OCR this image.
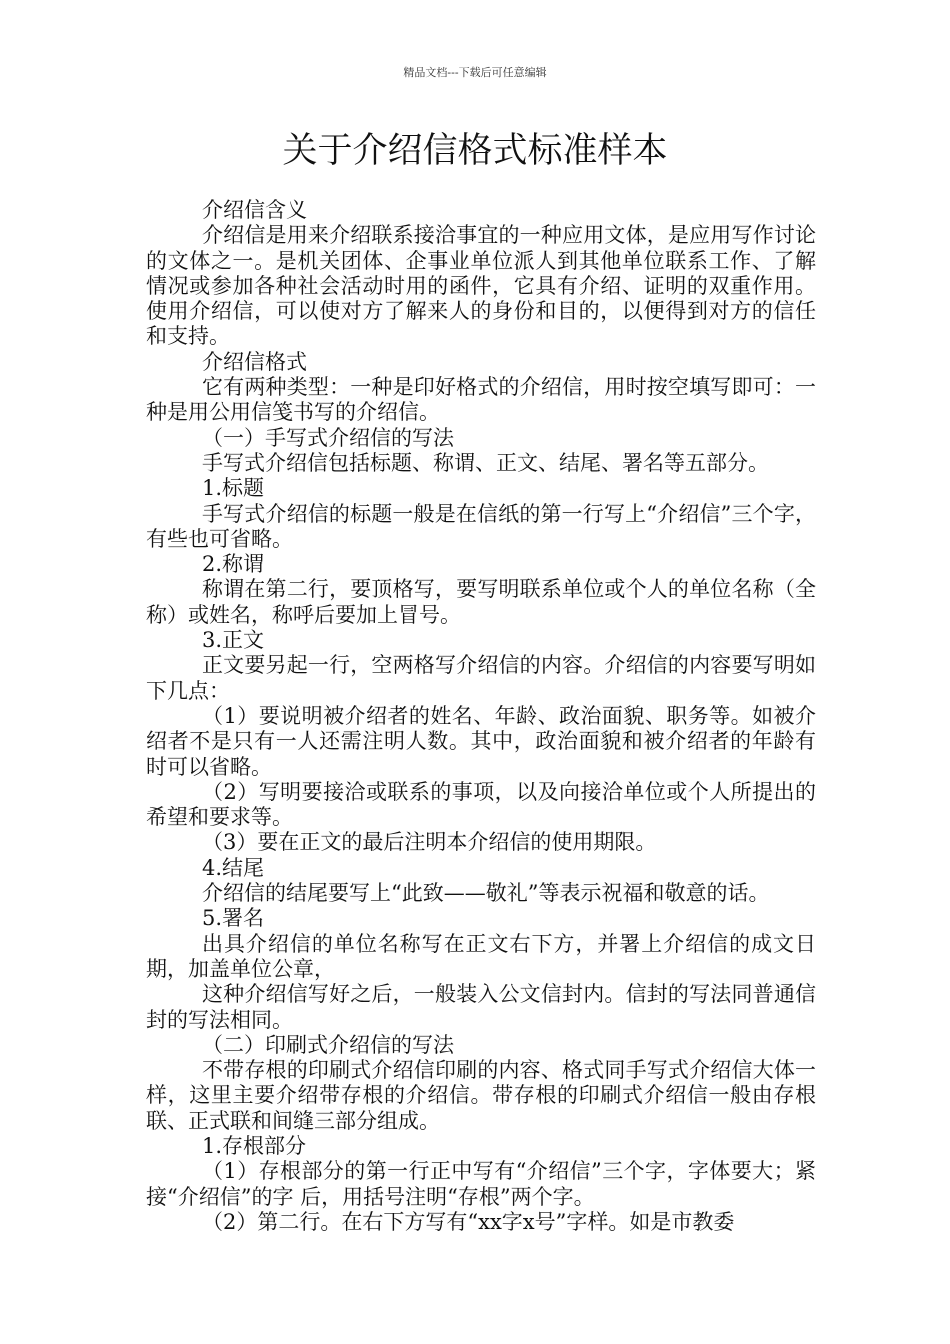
精品文档---下载后可任意编辑
关于介绍信格式标准样本

介绍信含义

介绍信是用来介绍联系接洽事宜的一种应用文体，是应用写作讨论的文体之一。是机关团体、企事业单位派人到其他单位联系工作、了解情况或参加各种社会活动时用的函件，它具有介绍、证明的双重作用。使用介绍信，可以使对方了解来人的身份和目的，以便得到对方的信任和支持。

介绍信格式

它有两种类型：一种是印好格式的介绍信，用时按空填写即可：一种是用公用信笺书写的介绍信。

（一）手写式介绍信的写法

手写式介绍信包括标题、称谓、正文、结尾、署名等五部分。

1.标题

手写式介绍信的标题一般是在信纸的第一行写上“介绍信”三个字，有些也可省略。

2.称谓

称谓在第二行，要顶格写，要写明联系单位或个人的单位名称（全称）或姓名，称呼后要加上冒号。

3.正文

正文要另起一行，空两格写介绍信的内容。介绍信的内容要写明如下几点：

（1）要说明被介绍者的姓名、年龄、政治面貌、职务等。如被介绍者不是只有一人还需注明人数。其中，政治面貌和被介绍者的年龄有时可以省略。

（2）写明要接洽或联系的事项，以及向接洽单位或个人所提出的希望和要求等。

（3）要在正文的最后注明本介绍信的使用期限。

4.结尾

介绍信的结尾要写上“此致——敬礼”等表示祝福和敬意的话。

5.署名

出具介绍信的单位名称写在正文右下方，并署上介绍信的成文日期，加盖单位公章，

这种介绍信写好之后，一般装入公文信封内。信封的写法同普通信封的写法相同。

（二）印刷式介绍信的写法

不带存根的印刷式介绍信印刷的内容、格式同手写式介绍信大体一样，这里主要介绍带存根的介绍信。带存根的印刷式介绍信一般由存根联、正式联和间缝三部分组成。

1.存根部分

（1）存根部分的第一行正中写有“介绍信”三个字，字体要大；紧接“介绍信”的字 后，用括号注明“存根”两个字。

（2）第二行。在右下方写有“xx字x号”字样。如是市教委
